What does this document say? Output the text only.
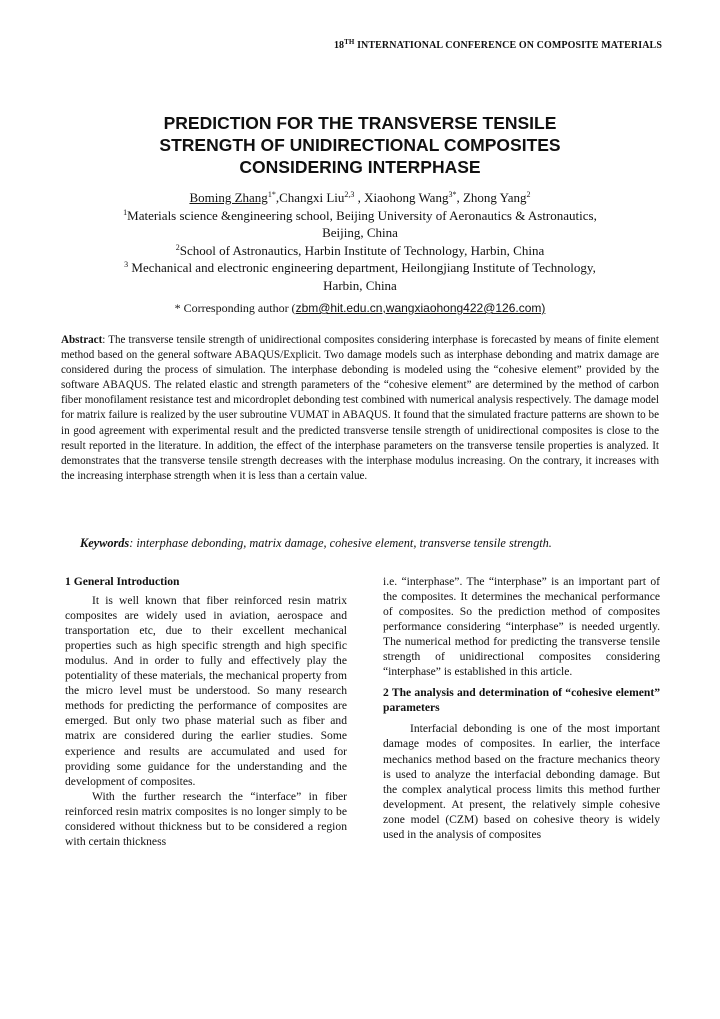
18TH INTERNATIONAL CONFERENCE ON COMPOSITE MATERIALS
PREDICTION FOR THE TRANSVERSE TENSILE
STRENGTH OF UNIDIRECTIONAL COMPOSITES
CONSIDERING INTERPHASE
Boming Zhang$^{1*}$,Changxi Liu$^{2,3}$ , Xiaohong Wang$^{3*}$, Zhong Yang$^2$
$^1$Materials science &engineering school, Beijing University of Aeronautics & Astronautics,
Beijing, China
$^2$School of Astronautics, Harbin Institute of Technology, Harbin, China
$^3$ Mechanical and electronic engineering department, Heilongjiang Institute of Technology,
Harbin, China
* Corresponding author (zbm@hit.edu.cn,wangxiaohong422@126.com)
Abstract: The transverse tensile strength of unidirectional composites considering interphase is forecasted by means of finite element method based on the general software ABAQUS/Explicit. Two damage models such as interphase debonding and matrix damage are considered during the process of simulation. The interphase debonding is modeled using the “cohesive element” provided by the software ABAQUS. The related elastic and strength parameters of the “cohesive element” are determined by the method of carbon fiber monofilament resistance test and micordroplet debonding test combined with numerical analysis respectively. The damage model for matrix failure is realized by the user subroutine VUMAT in ABAQUS. It found that the simulated fracture patterns are shown to be in good agreement with experimental result and the predicted transverse tensile strength of unidirectional composites is close to the result reported in the literature. In addition, the effect of the interphase parameters on the transverse tensile properties is analyzed. It demonstrates that the transverse tensile strength decreases with the interphase modulus increasing. On the contrary, it increases with the increasing interphase strength when it is less than a certain value.
Keywords: interphase debonding, matrix damage, cohesive element, transverse tensile strength.
1 General Introduction

It is well known that fiber reinforced resin matrix composites are widely used in aviation, aerospace and transportation etc, due to their excellent mechanical properties such as high specific strength and high specific modulus. And in order to fully and effectively play the potentiality of these materials, the mechanical property from the micro level must be understood. So many research methods for predicting the performance of composites are emerged. But only two phase material such as fiber and matrix are considered during the earlier studies. Some experience and results are accumulated and used for providing some guidance for the understanding and the development of composites.

With the further research the “interface” in fiber reinforced resin matrix composites is no longer simply to be considered without thickness but to be considered a region with certain thickness

i.e. “interphase”. The “interphase” is an important part of the composites. It determines the mechanical performance of composites. So the prediction method of composites performance considering “interphase” is needed urgently. The numerical method for predicting the transverse tensile strength of unidirectional composites considering “interphase” is established in this article.

2 The analysis and determination of “cohesive element” parameters

Interfacial debonding is one of the most important damage modes of composites. In earlier, the interface mechanics method based on the fracture mechanics theory is used to analyze the interfacial debonding damage. But the complex analytical process limits this method further development. At present, the relatively simple cohesive zone model (CZM) based on cohesive theory is widely used in the analysis of composites
